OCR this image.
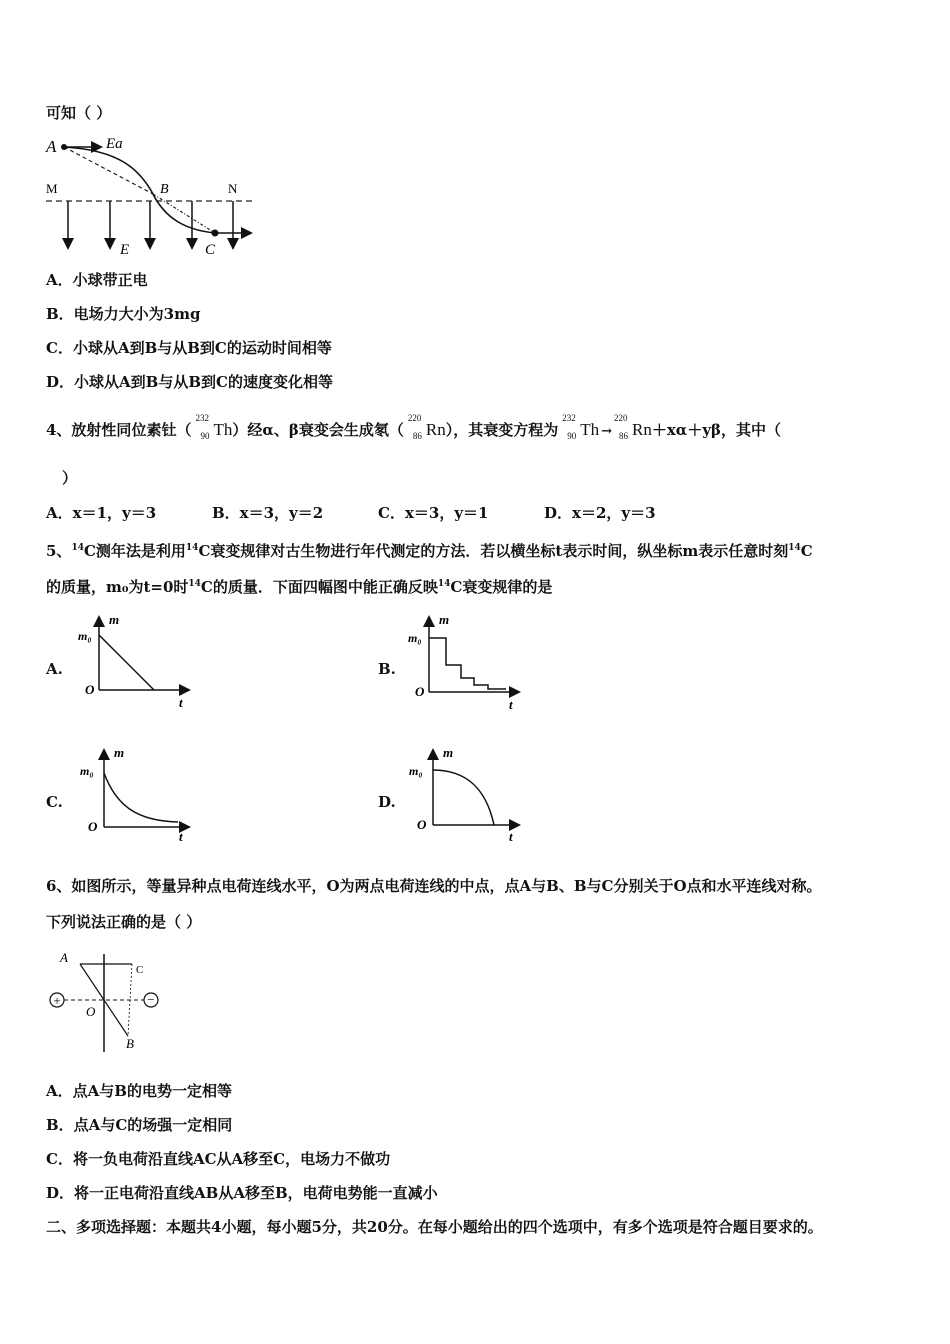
可知（ ）
A	Ea
M	B	N
E	C
A．小球带正电
B．电场力大小为3mg
C．小球从A到B与从B到C的运动时间相等
D．小球从A到B与从B到C的速度变化相等
4、放射性同位素钍（
232
90 Th）经α、β衰变会生成氡（
220
86 Rn），其衰变方程为
232
90 Th →
220
86 Rn＋xα＋yβ，其中（
）
A．x＝1，y＝3	B．x＝3，y＝2	C．x＝3，y＝1	D．x＝2，y＝3
5、$^{14}$C测年法是利用$^{14}$C衰变规律对古生物进行年代测定的方法．若以横坐标t表示时间，纵坐标m表示任意时刻$^{14}$C
的质量，m₀为t=0时$^{14}$C的质量．下面四幅图中能正确反映$^{14}$C衰变规律的是
A.	B.
C.	D.
m
m₀
O
t
m
m₀
O
t
m
m₀
O
t
m
m₀
O
t
6、如图所示，等量异种点电荷连线水平，O为两点电荷连线的中点，点A与B、B与C分别关于O点和水平连线对称。
下列说法正确的是（ ）
+	−
A
C
O
B
A．点A与B的电势一定相等
B．点A与C的场强一定相同
C．将一负电荷沿直线AC从A移至C，电场力不做功
D．将一正电荷沿直线AB从A移至B，电荷电势能一直减小
二、多项选择题：本题共4小题，每小题5分，共20分。在每小题给出的四个选项中，有多个选项是符合题目要求的。
